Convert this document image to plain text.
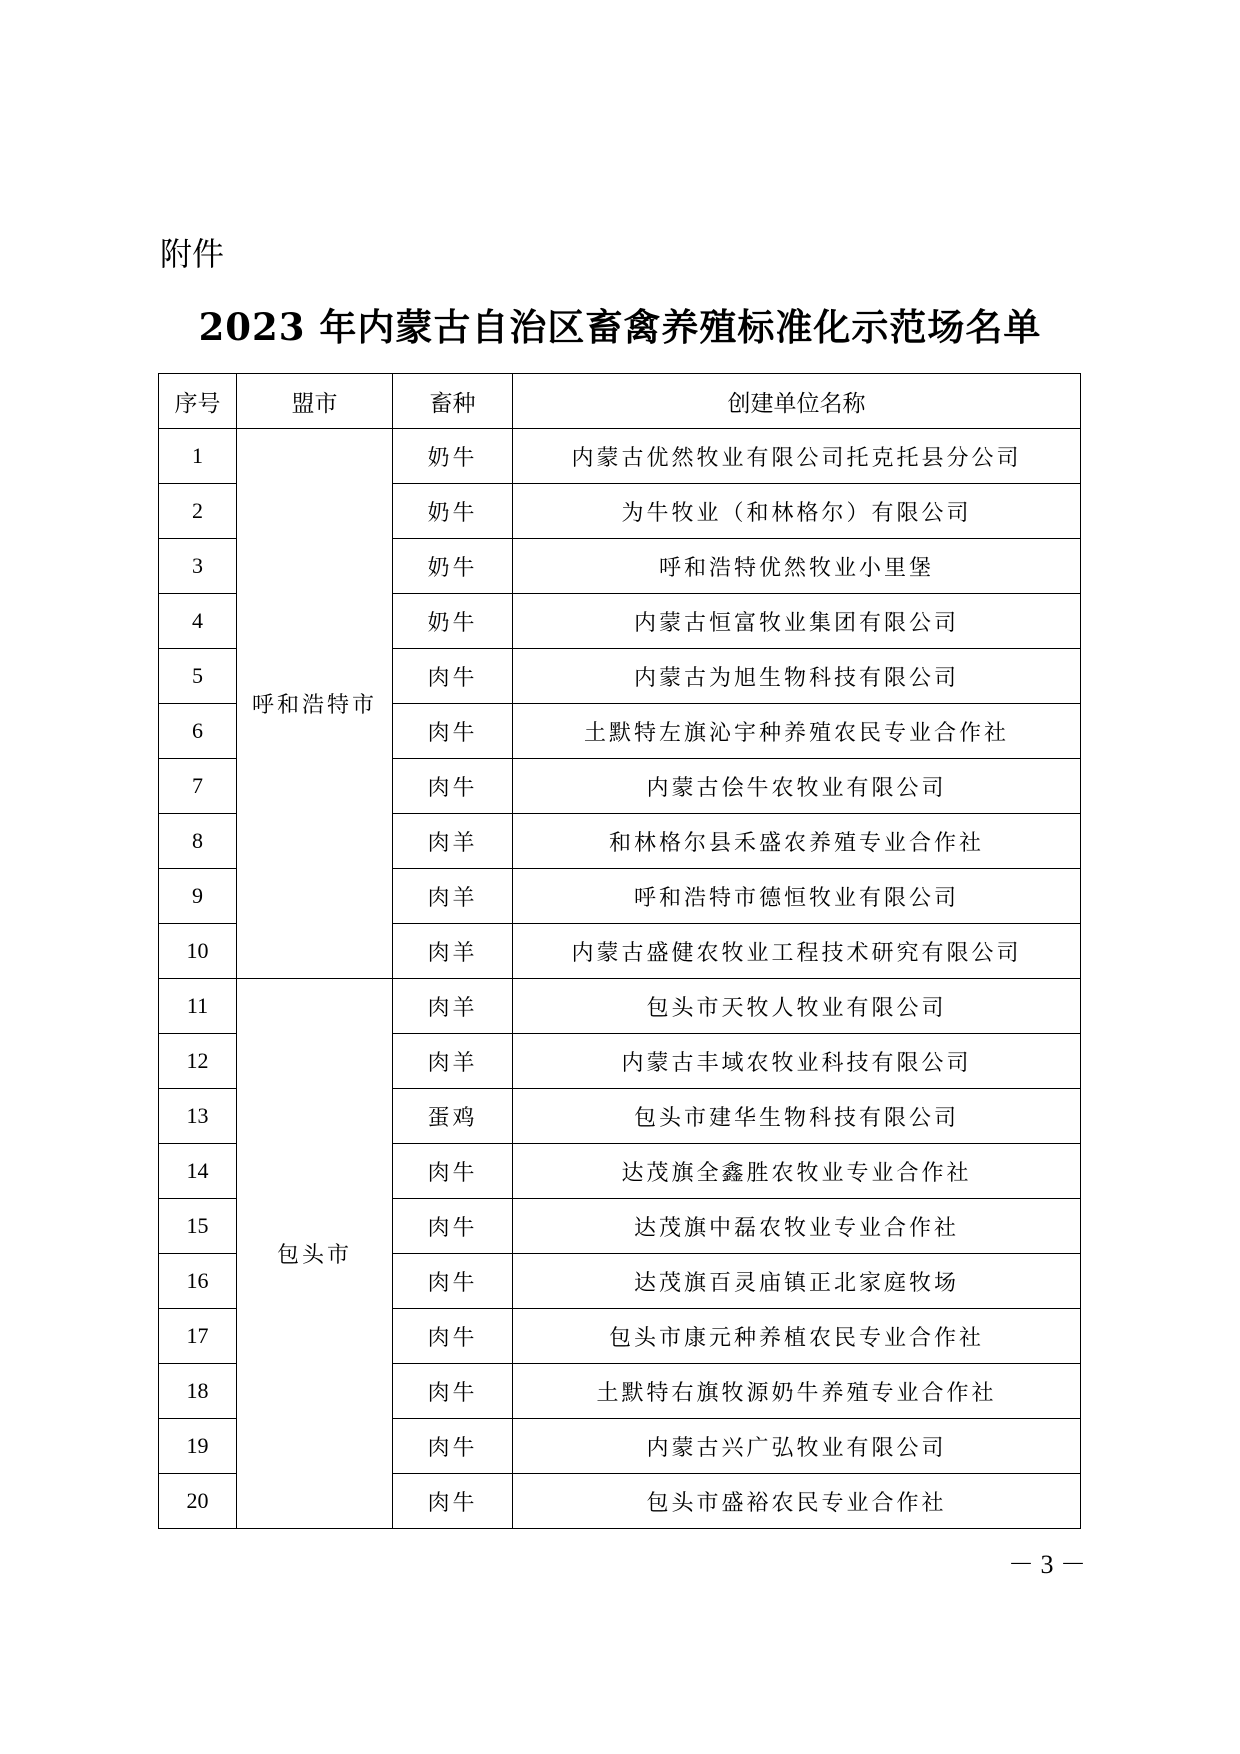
附件
2023 年内蒙古自治区畜禽养殖标准化示范场名单
序号	盟市	畜种	创建单位名称
1	呼和浩特市	奶牛	内蒙古优然牧业有限公司托克托县分公司
2		奶牛	为牛牧业（和林格尔）有限公司
3		奶牛	呼和浩特优然牧业小里堡
4		奶牛	内蒙古恒富牧业集团有限公司
5		肉牛	内蒙古为旭生物科技有限公司
6		肉牛	土默特左旗沁宇种养殖农民专业合作社
7		肉牛	内蒙古侩牛农牧业有限公司
8		肉羊	和林格尔县禾盛农养殖专业合作社
9		肉羊	呼和浩特市德恒牧业有限公司
10		肉羊	内蒙古盛健农牧业工程技术研究有限公司
11	包头市	肉羊	包头市天牧人牧业有限公司
12		肉羊	内蒙古丰域农牧业科技有限公司
13		蛋鸡	包头市建华生物科技有限公司
14		肉牛	达茂旗全鑫胜农牧业专业合作社
15		肉牛	达茂旗中磊农牧业专业合作社
16		肉牛	达茂旗百灵庙镇正北家庭牧场
17		肉牛	包头市康元种养植农民专业合作社
18		肉牛	土默特右旗牧源奶牛养殖专业合作社
19		肉牛	内蒙古兴广弘牧业有限公司
20		肉牛	包头市盛裕农民专业合作社
－ 3 －
